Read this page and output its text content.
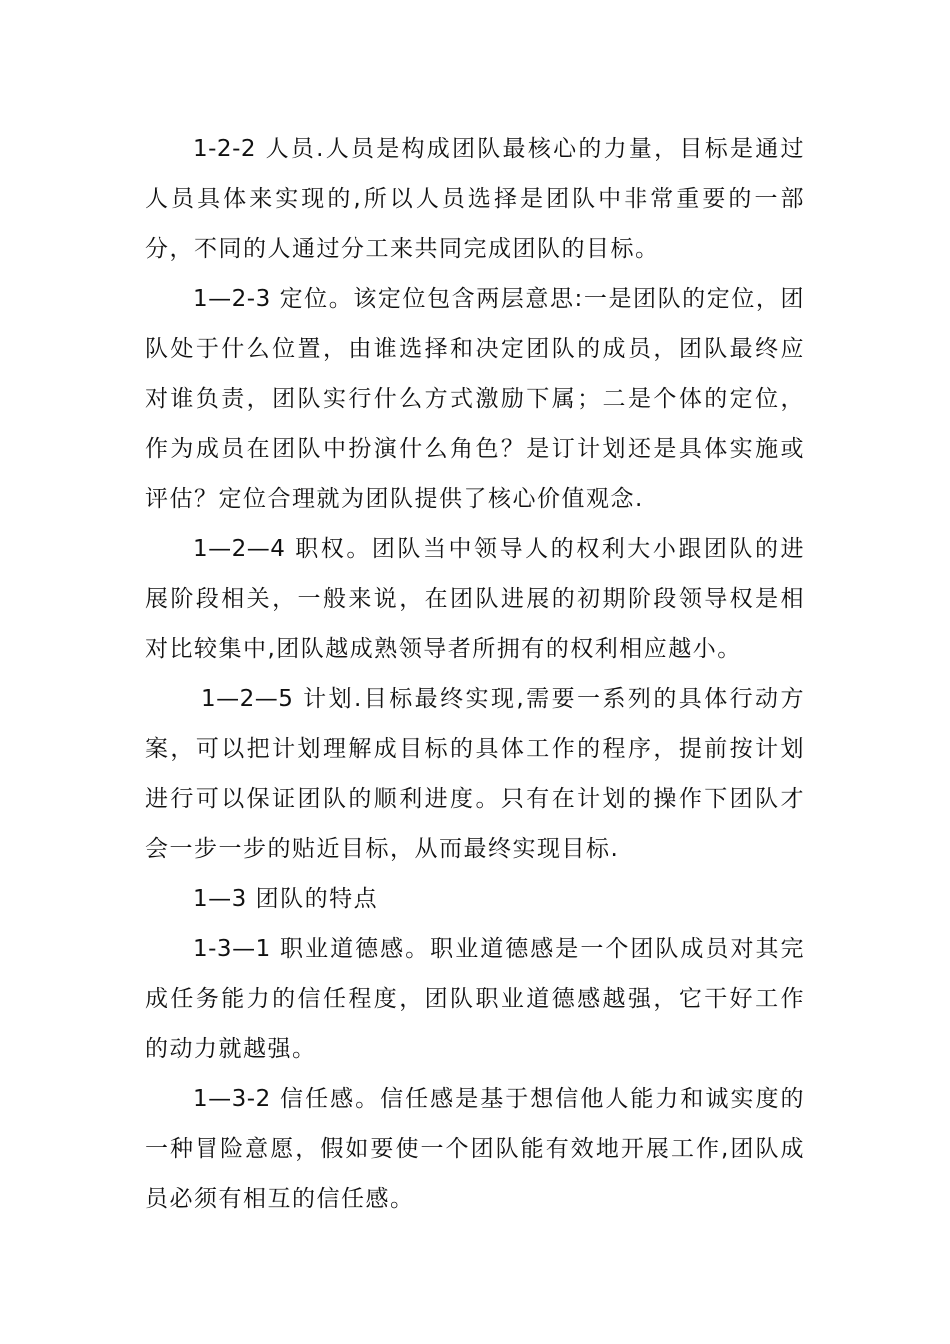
1-2-2 人员.人员是构成团队最核心的力量，目标是通过人员具体来实现的,所以人员选择是团队中非常重要的一部分，不同的人通过分工来共同完成团队的目标。

1—2-3 定位。该定位包含两层意思:一是团队的定位，团队处于什么位置，由谁选择和决定团队的成员，团队最终应对谁负责，团队实行什么方式激励下属；二是个体的定位，作为成员在团队中扮演什么角色？是订计划还是具体实施或评估？定位合理就为团队提供了核心价值观念.

1—2—4 职权。团队当中领导人的权利大小跟团队的进展阶段相关，一般来说，在团队进展的初期阶段领导权是相对比较集中,团队越成熟领导者所拥有的权利相应越小。

1—2—5 计划.目标最终实现,需要一系列的具体行动方案，可以把计划理解成目标的具体工作的程序，提前按计划进行可以保证团队的顺利进度。只有在计划的操作下团队才会一步一步的贴近目标，从而最终实现目标.

1—3 团队的特点

1-3—1 职业道德感。职业道德感是一个团队成员对其完成任务能力的信任程度，团队职业道德感越强，它干好工作的动力就越强。

1—3-2 信任感。信任感是基于想信他人能力和诚实度的一种冒险意愿，假如要使一个团队能有效地开展工作,团队成员必须有相互的信任感。
